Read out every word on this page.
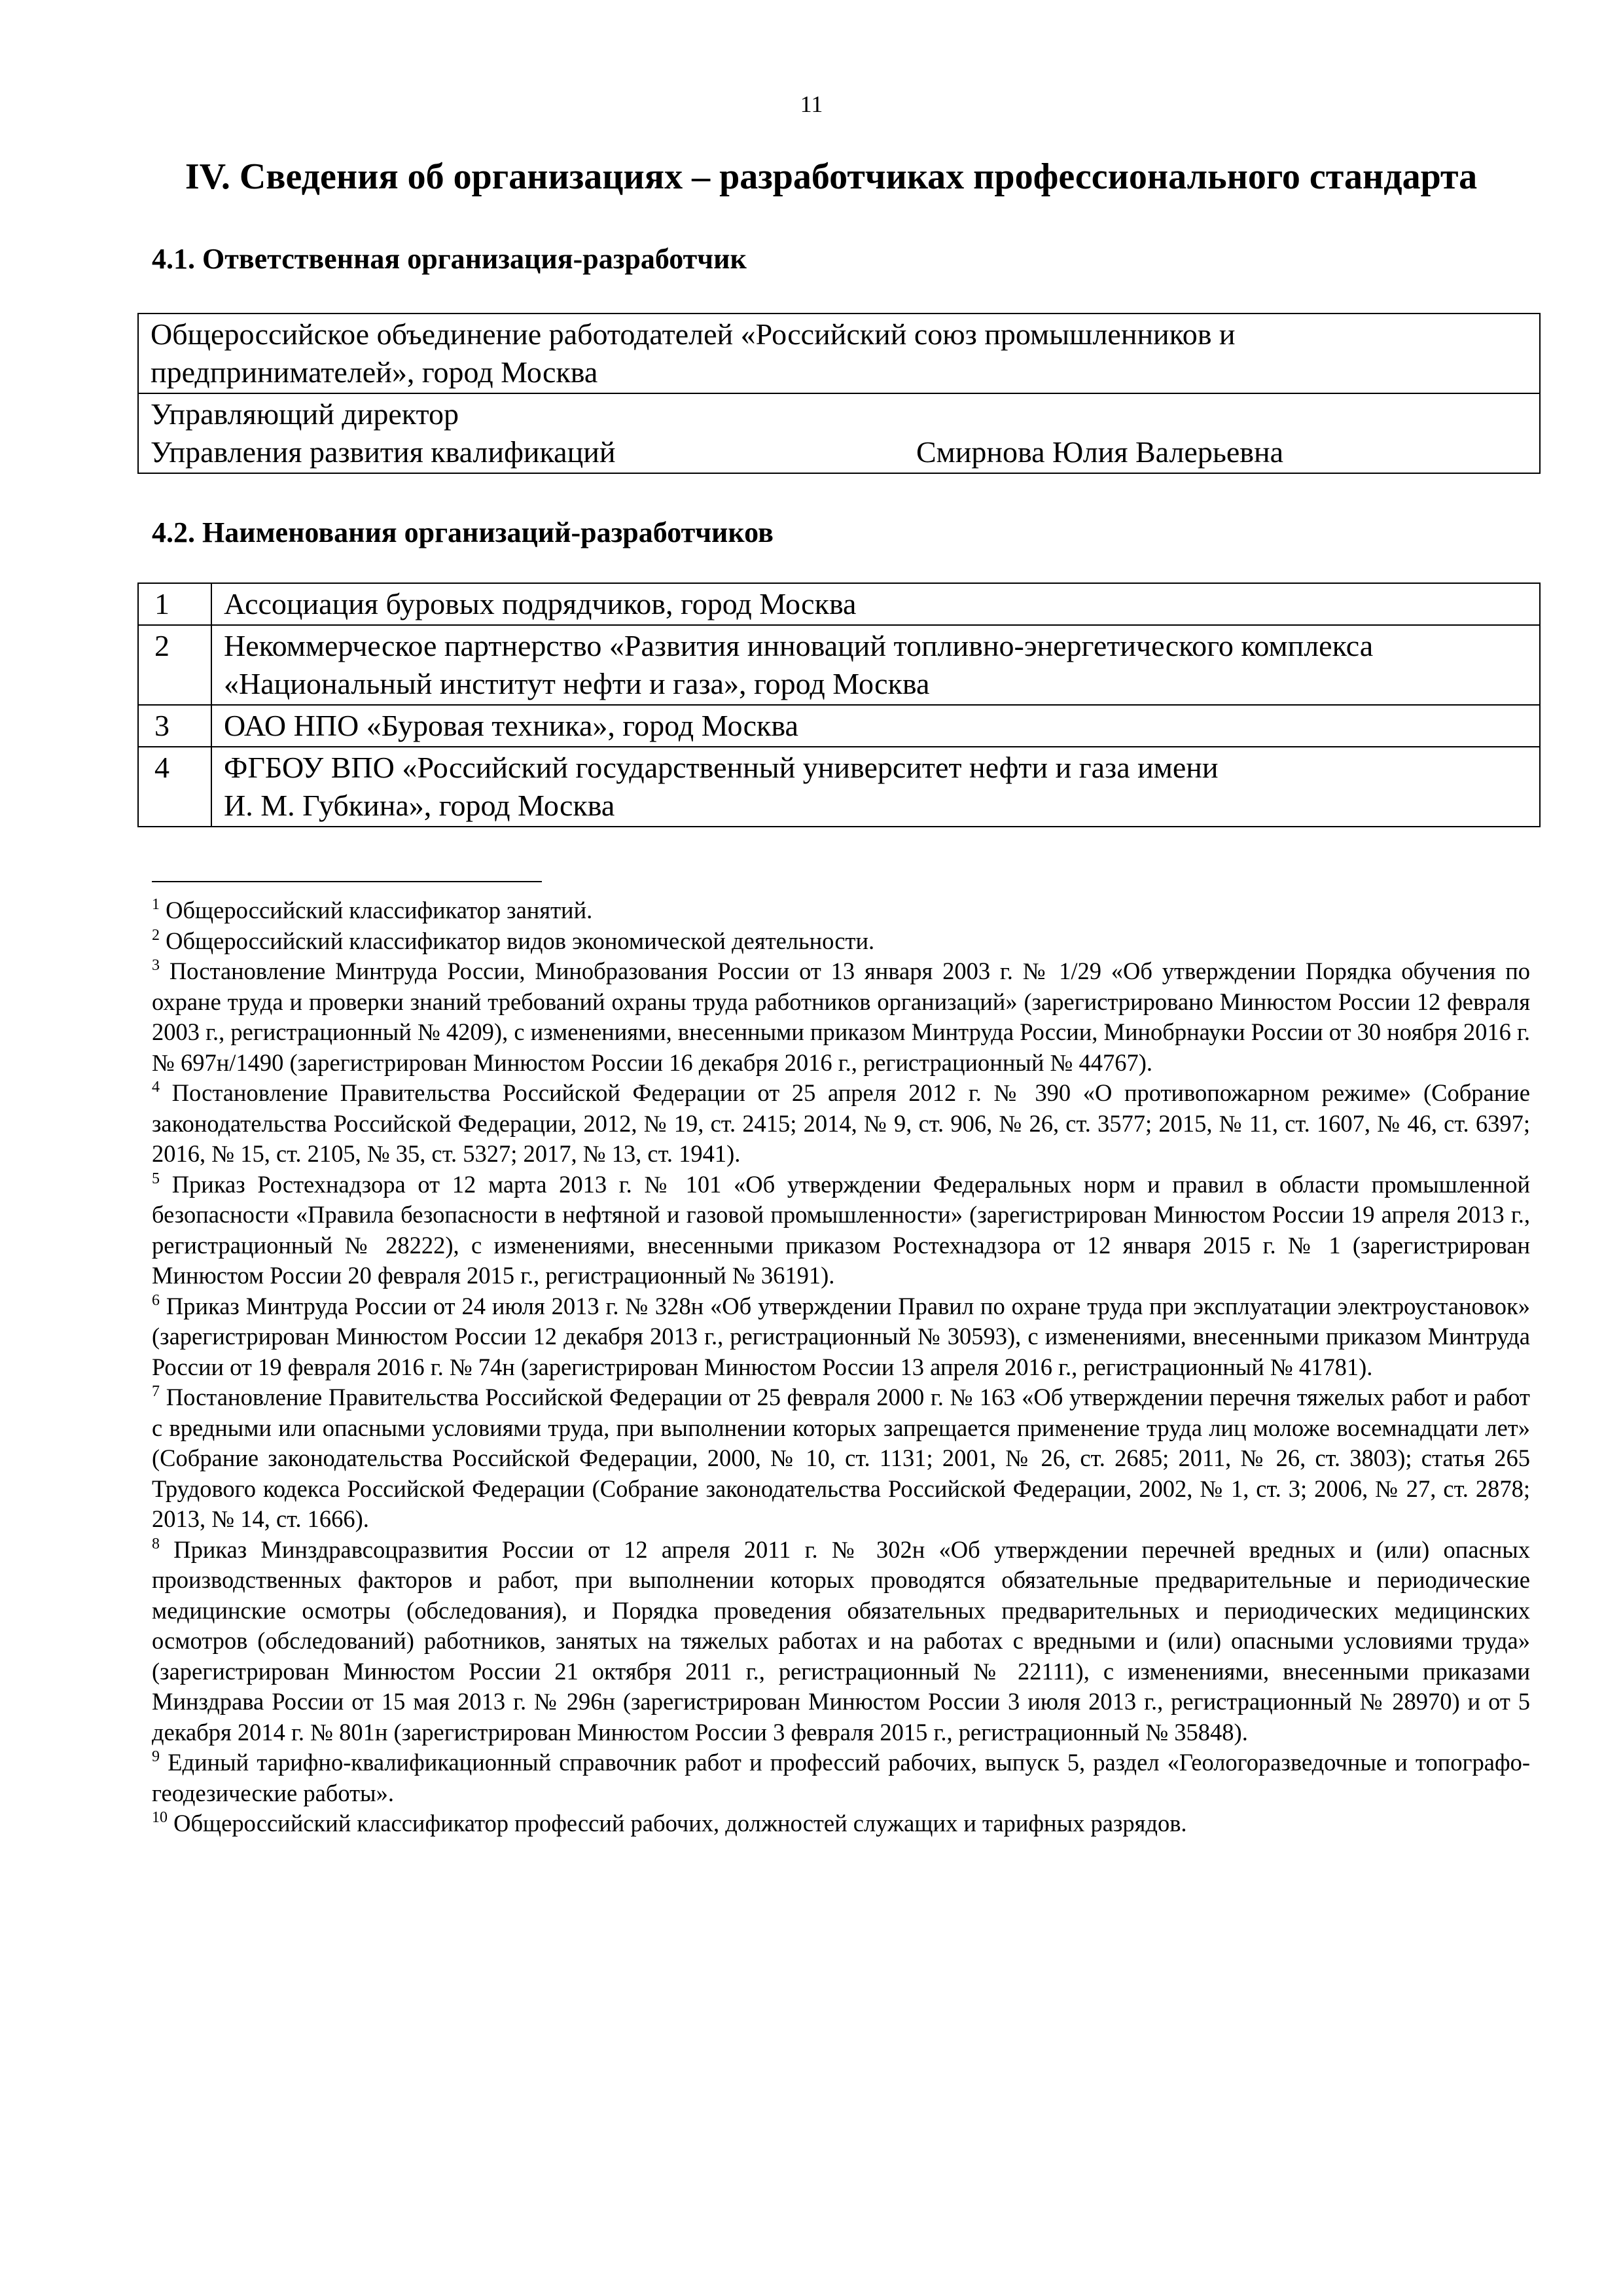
11
IV. Сведения об организациях – разработчиках профессионального стандарта
4.1. Ответственная организация-разработчик
Общероссийское объединение работодателей «Российский союз промышленников и
предпринимателей», город Москва

Управляющий директор
Управления развития квалификаций	Смирнова Юлия Валерьевна
4.2. Наименования организаций-разработчиков
1	Ассоциация буровых подрядчиков, город Москва

2	Некоммерческое партнерство «Развития инноваций топливно-энергетического комплекса
«Национальный институт нефти и газа», город Москва

3	ОАО НПО «Буровая техника», город Москва

4	ФГБОУ ВПО «Российский государственный университет нефти и газа имени
И. М. Губкина», город Москва

$^1$ Общероссийский классификатор занятий.

$^2$ Общероссийский классификатор видов экономической деятельности.

$^3$ Постановление Минтруда России, Минобразования России от 13 января 2003 г. № 1/29 «Об утверждении Порядка обучения по охране труда и проверки знаний требований охраны труда работников организаций» (зарегистрировано Минюстом России 12 февраля 2003 г., регистрационный № 4209), с изменениями, внесенными приказом Минтруда России, Минобрнауки России от 30 ноября 2016 г. № 697н/1490 (зарегистрирован Минюстом России 16 декабря 2016 г., регистрационный № 44767).

$^4$ Постановление Правительства Российской Федерации от 25 апреля 2012 г. № 390 «О противопожарном режиме» (Собрание законодательства Российской Федерации, 2012, № 19, ст. 2415; 2014, № 9, ст. 906, № 26, ст. 3577; 2015, № 11, ст. 1607, № 46, ст. 6397; 2016, № 15, ст. 2105, № 35, ст. 5327; 2017, № 13, ст. 1941).

$^5$ Приказ Ростехнадзора от 12 марта 2013 г. № 101 «Об утверждении Федеральных норм и правил в области промышленной безопасности «Правила безопасности в нефтяной и газовой промышленности» (зарегистрирован Минюстом России 19 апреля 2013 г., регистрационный № 28222), с изменениями, внесенными приказом Ростехнадзора от 12 января 2015 г. № 1 (зарегистрирован Минюстом России 20 февраля 2015 г., регистрационный № 36191).

$^6$ Приказ Минтруда России от 24 июля 2013 г. № 328н «Об утверждении Правил по охране труда при эксплуатации электроустановок» (зарегистрирован Минюстом России 12 декабря 2013 г., регистрационный № 30593), с изменениями, внесенными приказом Минтруда России от 19 февраля 2016 г. № 74н (зарегистрирован Минюстом России 13 апреля 2016 г., регистрационный № 41781).

$^7$ Постановление Правительства Российской Федерации от 25 февраля 2000 г. № 163 «Об утверждении перечня тяжелых работ и работ с вредными или опасными условиями труда, при выполнении которых запрещается применение труда лиц моложе восемнадцати лет» (Собрание законодательства Российской Федерации, 2000, № 10, ст. 1131; 2001, № 26, ст. 2685; 2011, № 26, ст. 3803); статья 265 Трудового кодекса Российской Федерации (Собрание законодательства Российской Федерации, 2002, № 1, ст. 3; 2006, № 27, ст. 2878; 2013, № 14, ст. 1666).

$^8$ Приказ Минздравсоцразвития России от 12 апреля 2011 г. № 302н «Об утверждении перечней вредных и (или) опасных производственных факторов и работ, при выполнении которых проводятся обязательные предварительные и периодические медицинские осмотры (обследования), и Порядка проведения обязательных предварительных и периодических медицинских осмотров (обследований) работников, занятых на тяжелых работах и на работах с вредными и (или) опасными условиями труда» (зарегистрирован Минюстом России 21 октября 2011 г., регистрационный № 22111), с изменениями, внесенными приказами Минздрава России от 15 мая 2013 г. № 296н (зарегистрирован Минюстом России 3 июля 2013 г., регистрационный № 28970) и от 5 декабря 2014 г. № 801н (зарегистрирован Минюстом России 3 февраля 2015 г., регистрационный № 35848).

$^9$ Единый тарифно-квалификационный справочник работ и профессий рабочих, выпуск 5, раздел «Геологоразведочные и топографо-геодезические работы».

$^{10}$ Общероссийский классификатор профессий рабочих, должностей служащих и тарифных разрядов.
